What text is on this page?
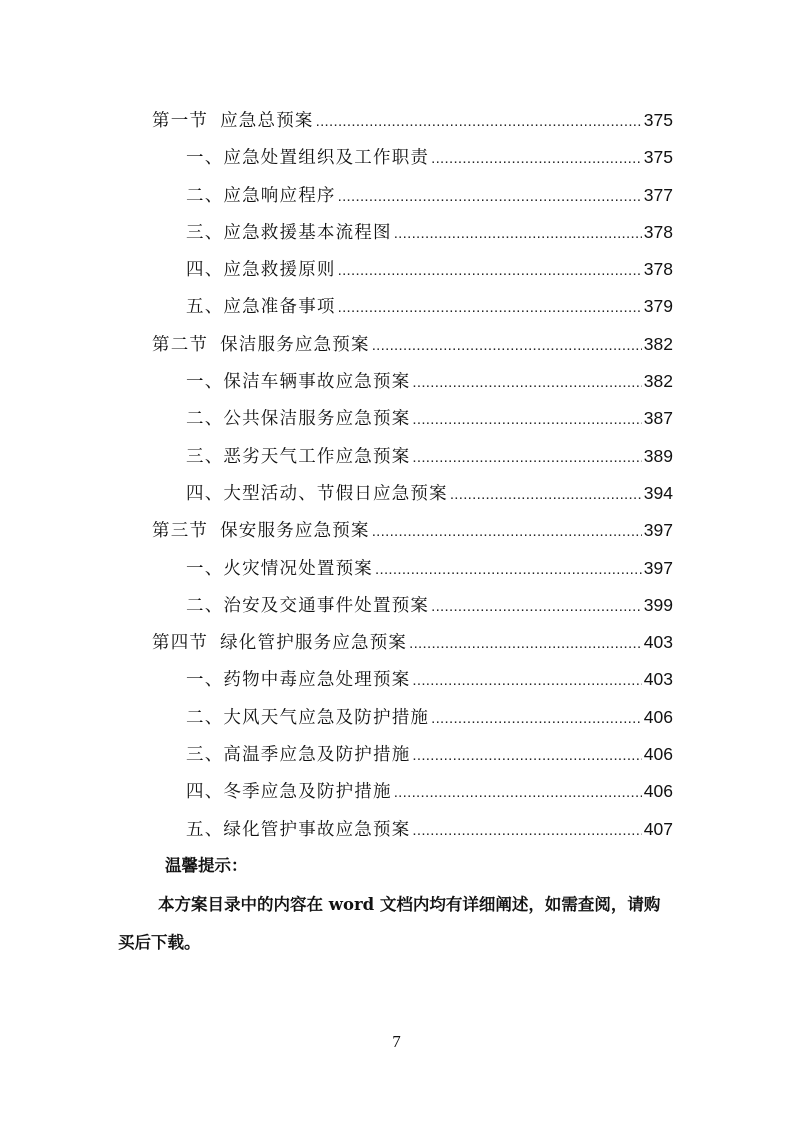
第一节 应急总预案 .....	375
一、应急处置组织及工作职责 .....	375
二、应急响应程序 .....	377
三、应急救援基本流程图 .....	378
四、应急救援原则 .....	378
五、应急准备事项 .....	379
第二节 保洁服务应急预案 .....	382
一、保洁车辆事故应急预案 .....	382
二、公共保洁服务应急预案 .....	387
三、恶劣天气工作应急预案 .....	389
四、大型活动、节假日应急预案 .....	394
第三节 保安服务应急预案 .....	397
一、火灾情况处置预案 .....	397
二、治安及交通事件处置预案 .....	399
第四节 绿化管护服务应急预案 .....	403
一、药物中毒应急处理预案 .....	403
二、大风天气应急及防护措施 .....	406
三、高温季应急及防护措施 .....	406
四、冬季应急及防护措施 .....	406
五、绿化管护事故应急预案 .....	407
温馨提示：
本方案目录中的内容在 word 文档内均有详细阐述，如需查阅，请购买后下载。
7
